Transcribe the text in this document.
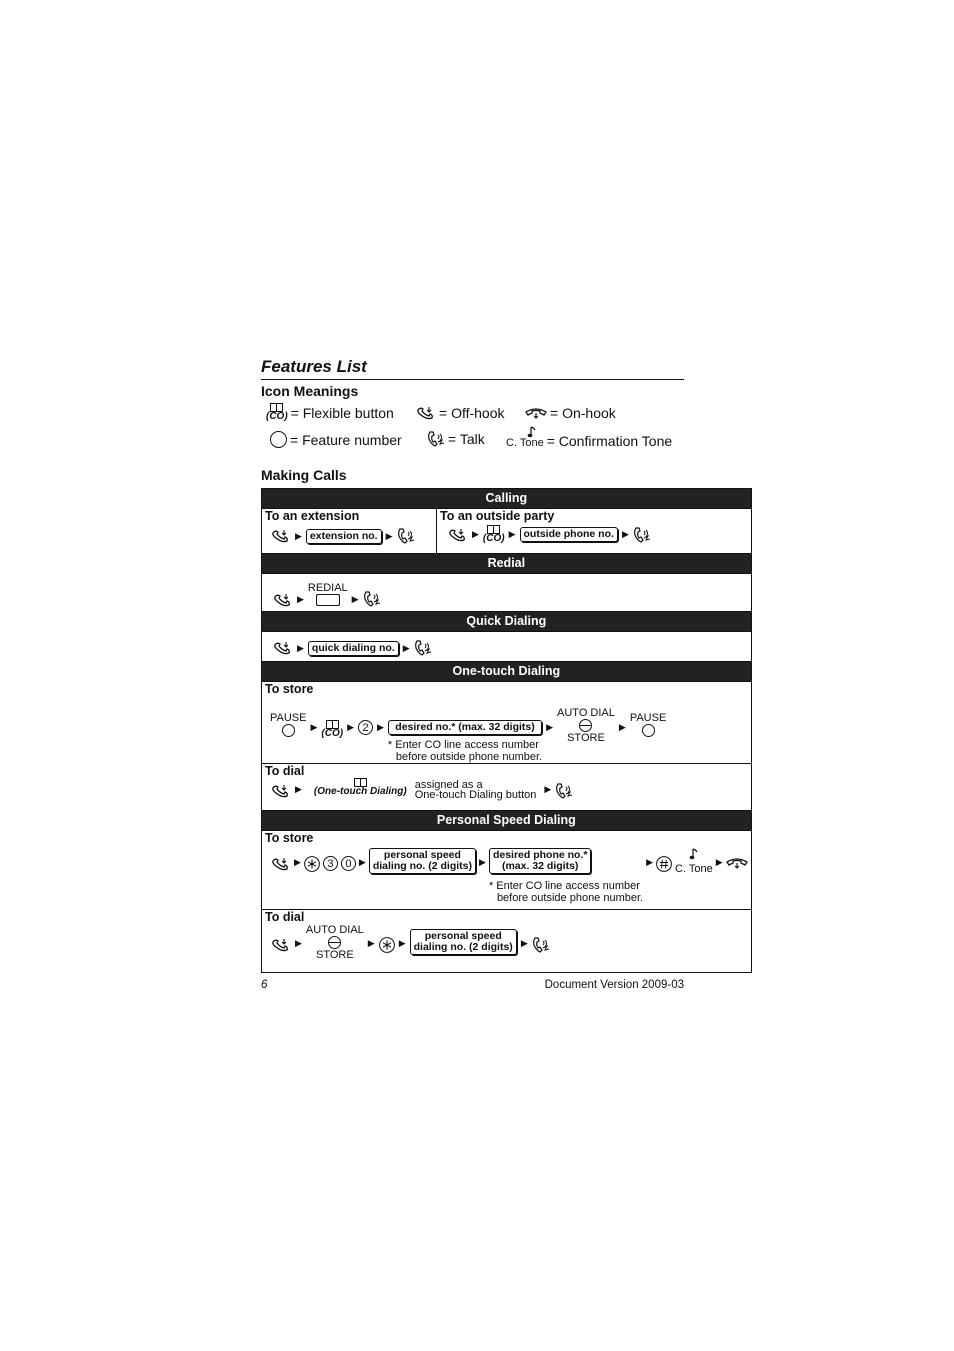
Features List
Icon Meanings
(CO) = Flexible button	= Off-hook	= On-hook
= Feature number	= Talk C. Tone = Confirmation Tone
Making Calls
Calling

To an extension
▶ extension no. ▶

To an outside party
▶ (CO) ▶ outside phone no. ▶

Redial

▶
REDIAL
▶

Quick Dialing

▶ quick dialing no. ▶

One-touch Dialing

To store
PAUSE
▶
(CO)
▶ 2 ▶	desired no.* (max. 32 digits)
* Enter CO line access number
before outside phone number.
▶
AUTO DIAL
STORE
▶
PAUSE

To dial
▶ (One-touch Dialing)
assigned as a
One-touch Dialing button ▶

Personal Speed Dialing

To store
▶	3	0 ▶
personal speed
dialing no. (2 digits) ▶
desired phone no.*
(max. 32 digits)
* Enter CO line access number
before outside phone number.
▶
C. Tone
▶

To dial
▶
AUTO DIAL
STORE
▶	▶
personal speed
dialing no. (2 digits) ▶
6	Document Version 2009-03
